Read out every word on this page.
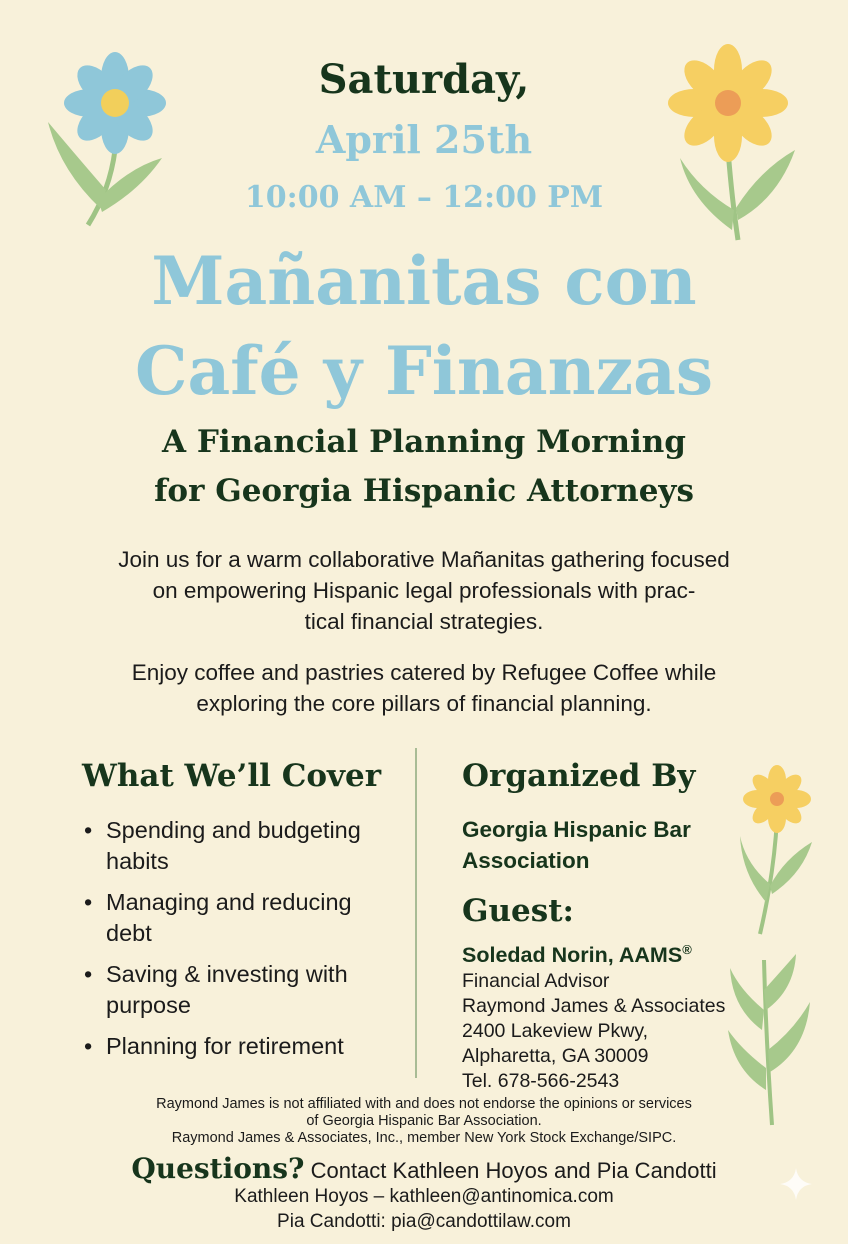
Saturday,
April 25th
10:00 AM – 12:00 PM
Mañanitas con
Café y Finanzas
A Financial Planning Morning
for Georgia Hispanic Attorneys
Join us for a warm collaborative Mañanitas gathering focused
on empowering Hispanic legal professionals with prac-
tical financial strategies.
Enjoy coffee and pastries catered by Refugee Coffee while
exploring the core pillars of financial planning.
What We’ll Cover
• Spending and budgeting habits
• Managing and reducing debt
• Saving & investing with purpose
• Planning for retirement
Organized By
Georgia Hispanic Bar Association
Guest:
Soledad Norin, AAMS®
Financial Advisor
Raymond James & Associates
2400 Lakeview Pkwy,
Alpharetta, GA 30009
Tel. 678-566-2543
Raymond James is not affiliated with and does not endorse the opinions or services
of Georgia Hispanic Bar Association.
Raymond James & Associates, Inc., member New York Stock Exchange/SIPC.
Questions? Contact Kathleen Hoyos and Pia Candotti
Kathleen Hoyos – kathleen@antinomica.com
Pia Candotti: pia@candottilaw.com
